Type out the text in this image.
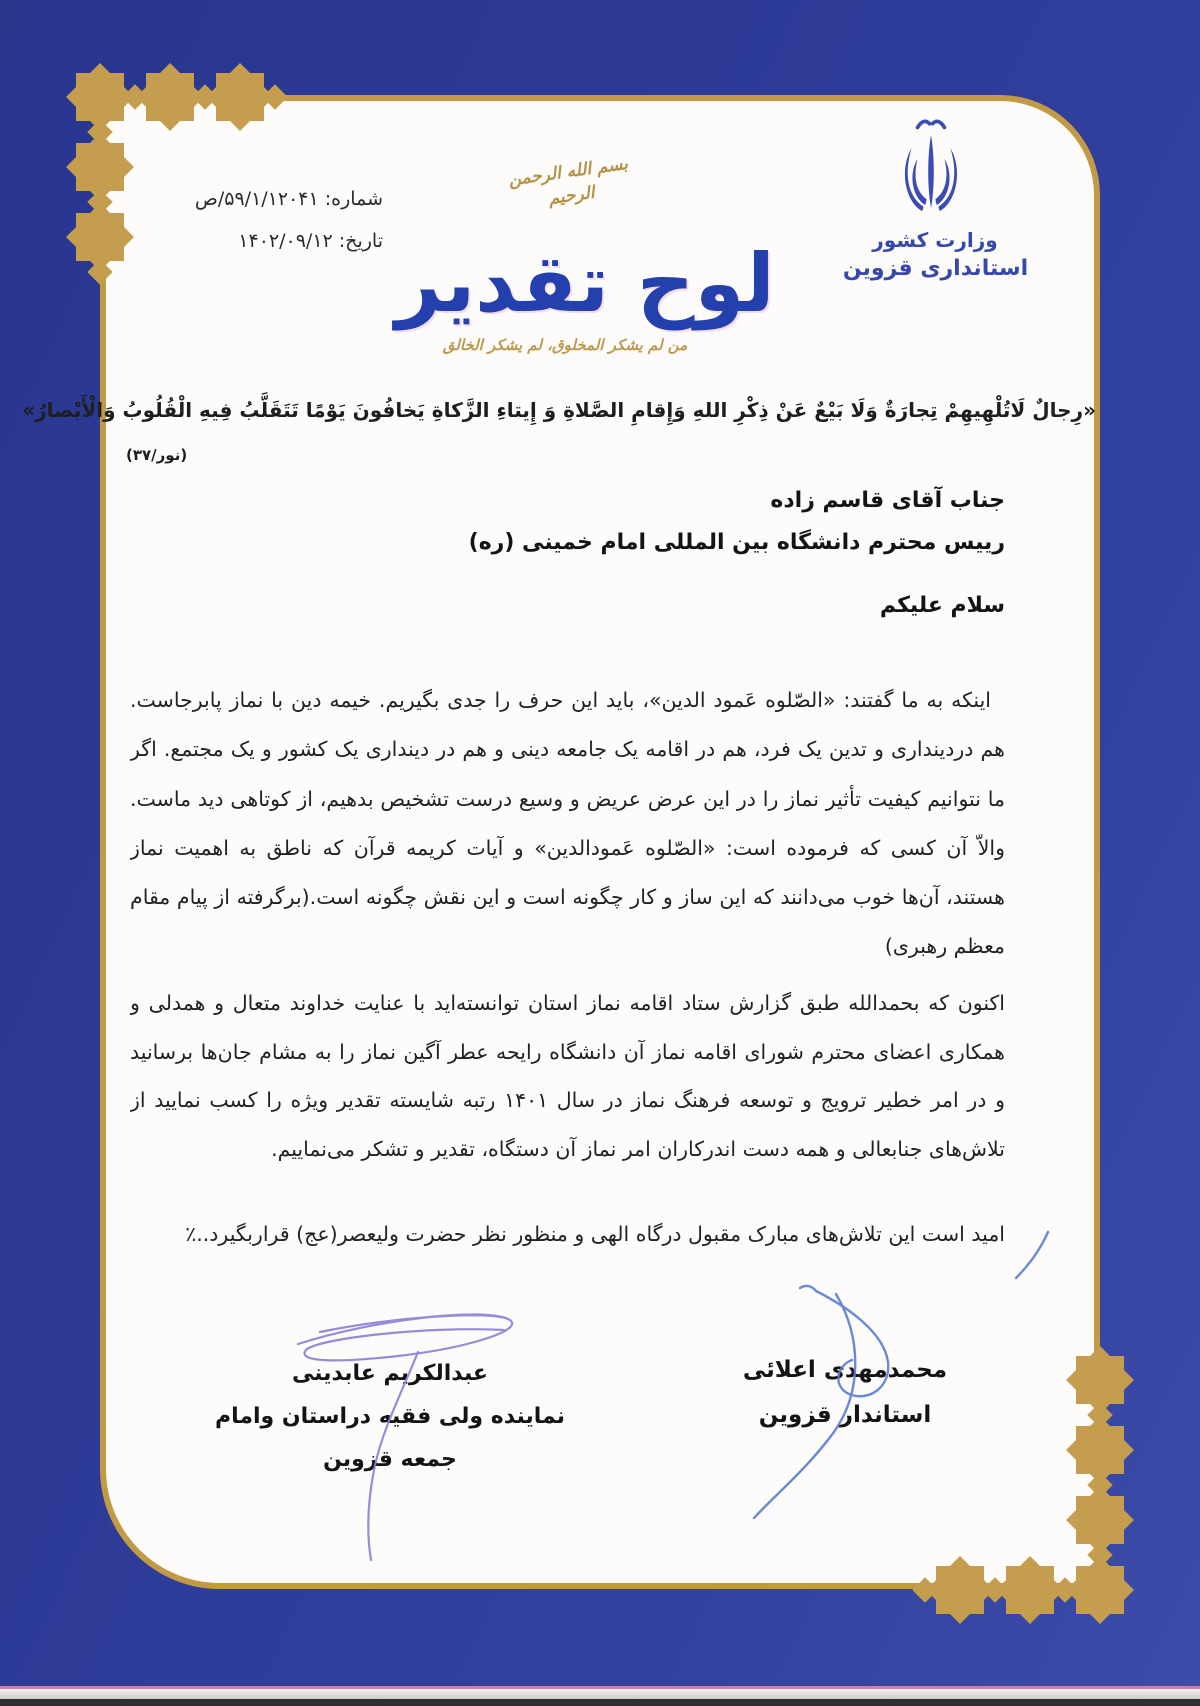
شماره: ۵۹/۱/۱۲۰۴۱/ص
تاریخ: ۱۴۰۲/۰۹/۱۲
بسم الله الرحمن الرحیم
لوح تقدیر
من لم یشکر المخلوق، لم یشکر الخالق
وزارت کشور
استانداری قزوین
«رِجالٌ لَاتُلْهِيهِمْ تِجارَةٌ وَلَا بَيْعٌ عَنْ ذِكْرِ اللهِ وَإِقامِ الصَّلاةِ وَ إِيتاءِ الزَّكاةِ يَخافُونَ يَوْمًا تَتَقَلَّبُ فِيهِ الْقُلُوبُ وَالْأَبْصارُ»
(نور/۳۷)
جناب آقای قاسم زاده
رییس محترم دانشگاه بین المللی امام خمینی (ره)
سلام علیکم
اینکه به ما گفتند: «الصّلوه عَمود الدین»، باید این حرف را جدی بگیریم. خیمه دین با نماز پابرجاست. هم دردینداری و تدین یک فرد، هم در اقامه یک جامعه دینی و هم در دینداری یک کشور و یک مجتمع. اگر ما نتوانیم کیفیت تأثیر نماز را در این عرض عریض و وسیع درست تشخیص بدهیم، از کوتاهی دید ماست. والاّ آن کسی که فرموده است: «الصّلوه عَمودالدین» و آیات کریمه قرآن که ناطق به اهمیت نماز هستند، آن‌ها خوب می‌دانند که این ساز و کار چگونه است و این نقش چگونه است.(برگرفته از پیام مقام معظم رهبری)
اکنون که بحمدالله طبق گزارش ستاد اقامه نماز استان توانسته‌اید با عنایت خداوند متعال و همدلی و همکاری اعضای محترم شورای اقامه نماز آن دانشگاه رایحه عطر آگین نماز را به مشام جان‌ها برسانید و در امر خطیر ترویج و توسعه فرهنگ نماز در سال ۱۴۰۱ رتبه شایسته تقدیر ویژه را کسب نمایید از تلاش‌های جنابعالی و همه دست اندرکاران امر نماز آن دستگاه، تقدیر و تشکر می‌نماییم.
امید است این تلاش‌های مبارک مقبول درگاه الهی و منظور نظر حضرت ولیعصر(عج) قراربگیرد..٪
محمدمهدی اعلائی
استاندار قزوین
عبدالکریم عابدینی
نماینده ولی فقیه دراستان وامام جمعه قزوین
